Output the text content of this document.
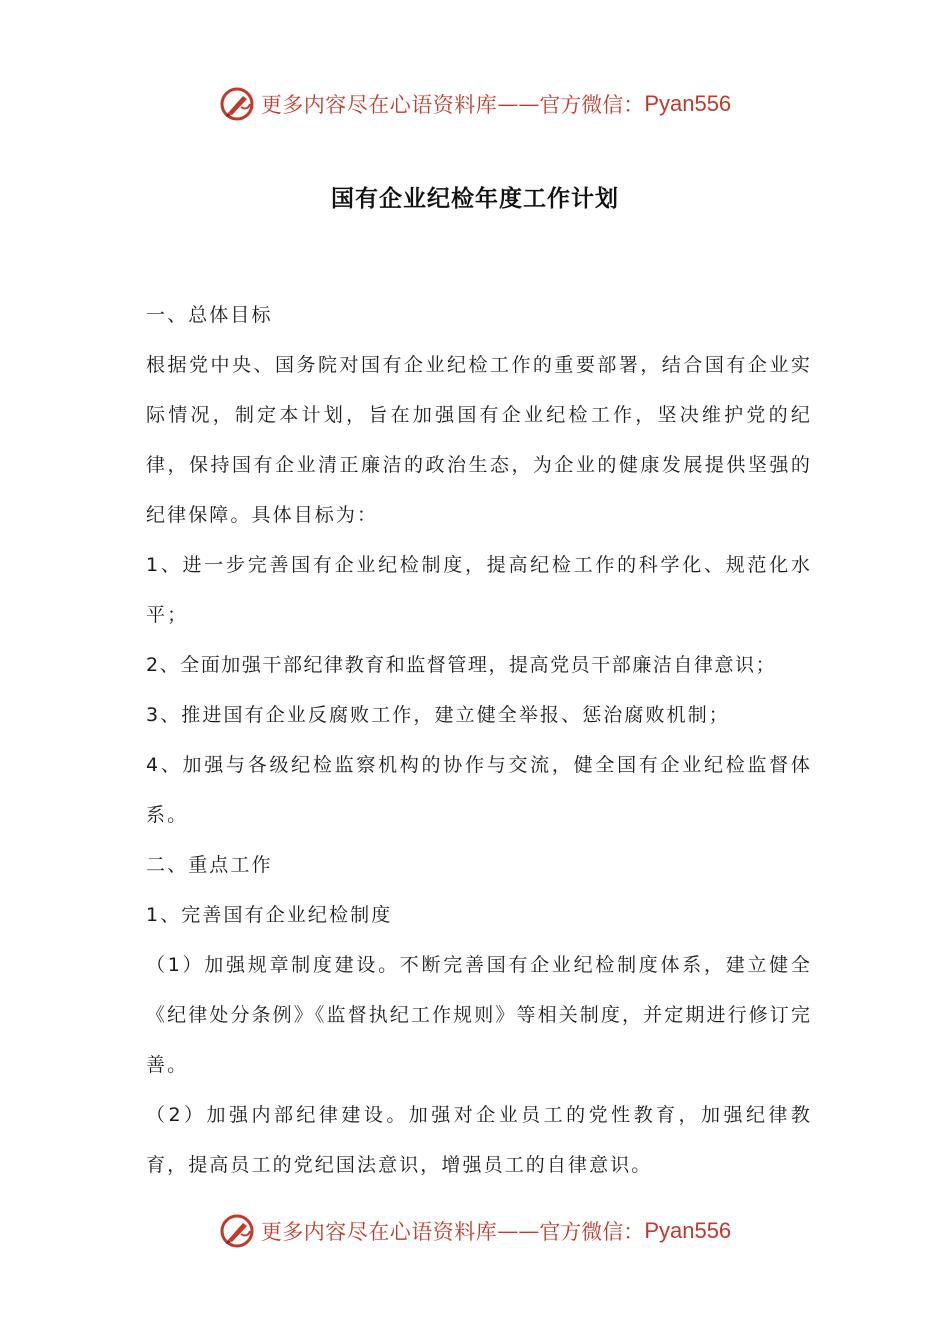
更多内容尽在心语资料库 —— 官方微信： Pyan556
国有企业纪检年度工作计划

一、总体目标

根据党中央、国务院对国有企业纪检工作的重要部署，结合国有企业实际情况，制定本计划，旨在加强国有企业纪检工作，坚决维护党的纪律，保持国有企业清正廉洁的政治生态，为企业的健康发展提供坚强的纪律保障。具体目标为：

1、进一步完善国有企业纪检制度，提高纪检工作的科学化、规范化水平；

2、全面加强干部纪律教育和监督管理，提高党员干部廉洁自律意识；

3、推进国有企业反腐败工作，建立健全举报、惩治腐败机制；

4、加强与各级纪检监察机构的协作与交流，健全国有企业纪检监督体系。

二、重点工作

1、完善国有企业纪检制度

（1）加强规章制度建设。不断完善国有企业纪检制度体系，建立健全《纪律处分条例》《监督执纪工作规则》等相关制度，并定期进行修订完善。

（2）加强内部纪律建设。加强对企业员工的党性教育，加强纪律教育，提高员工的党纪国法意识，增强员工的自律意识。

更多内容尽在心语资料库 —— 官方微信： Pyan556
